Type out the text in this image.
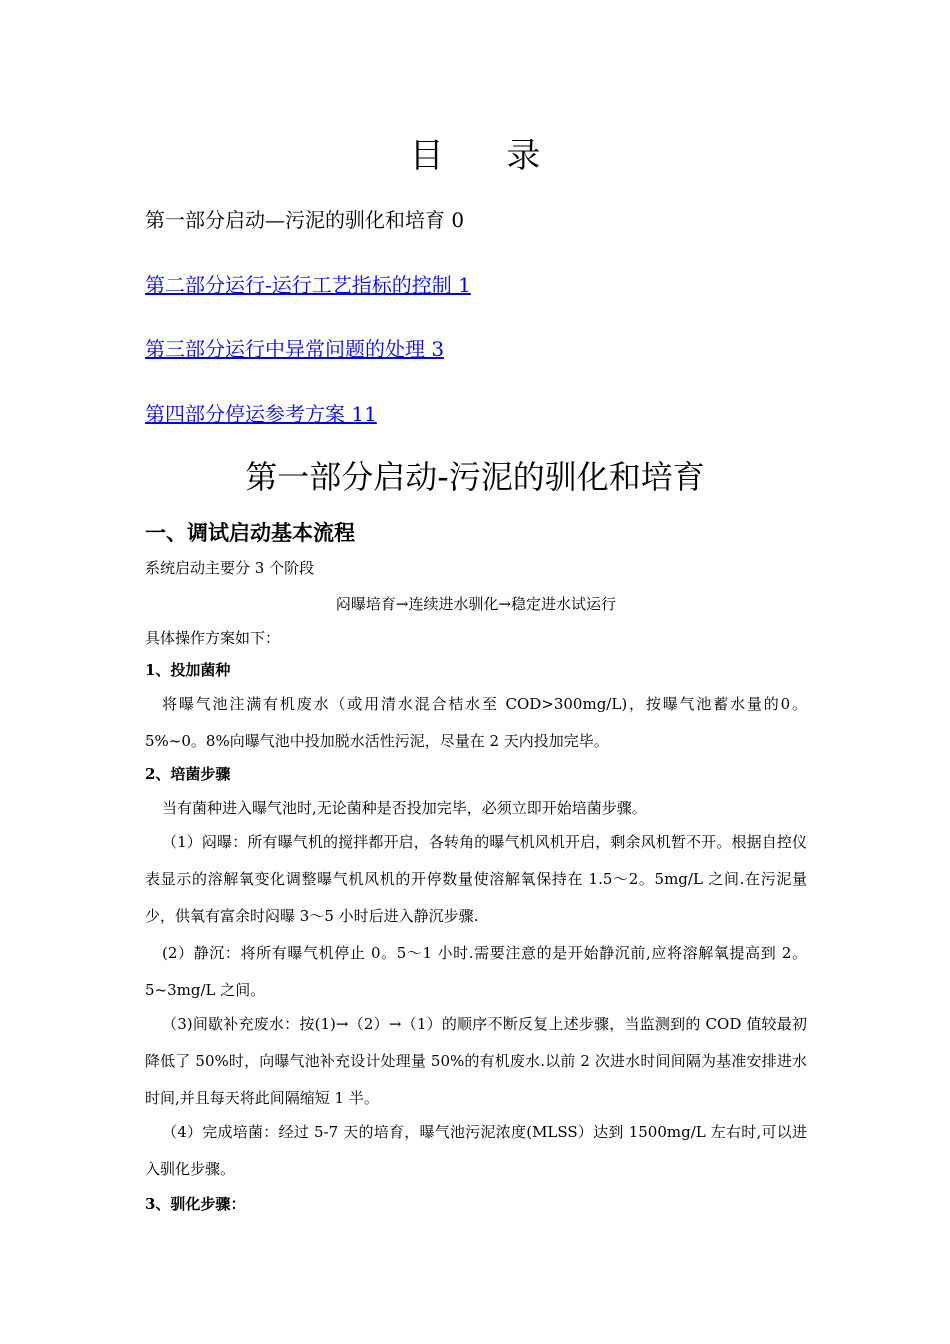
目 录

第一部分启动—污泥的驯化和培育 0

第二部分运行-运行工艺指标的控制 1

第三部分运行中异常问题的处理 3

第四部分停运参考方案 11

第一部分启动-污泥的驯化和培育
一、调试启动基本流程

系统启动主要分 3 个阶段

闷曝培育→连续进水驯化→稳定进水试运行

具体操作方案如下：

1、投加菌种

将曝气池注满有机废水（或用清水混合桔水至 COD>300mg/L)，按曝气池蓄水量的0。5%~0。8%向曝气池中投加脱水活性污泥，尽量在 2 天内投加完毕。

2、培菌步骤

当有菌种进入曝气池时,无论菌种是否投加完毕，必须立即开始培菌步骤。

（1）闷曝：所有曝气机的搅拌都开启，各转角的曝气机风机开启，剩余风机暂不开。根据自控仪表显示的溶解氧变化调整曝气机风机的开停数量使溶解氧保持在 1.5～2。5mg/L 之间.在污泥量少，供氧有富余时闷曝 3～5 小时后进入静沉步骤.

(2）静沉：将所有曝气机停止 0。5～1 小时.需要注意的是开始静沉前,应将溶解氧提高到 2。5~3mg/L 之间。

（3)间歇补充废水：按(1)→（2）→（1）的顺序不断反复上述步骤，当监测到的 COD 值较最初降低了 50%时，向曝气池补充设计处理量 50%的有机废水.以前 2 次进水时间间隔为基准安排进水时间,并且每天将此间隔缩短 1 半。

（4）完成培菌：经过 5-7 天的培育，曝气池污泥浓度(MLSS）达到 1500mg/L 左右时,可以进入驯化步骤。

3、驯化步骤：
